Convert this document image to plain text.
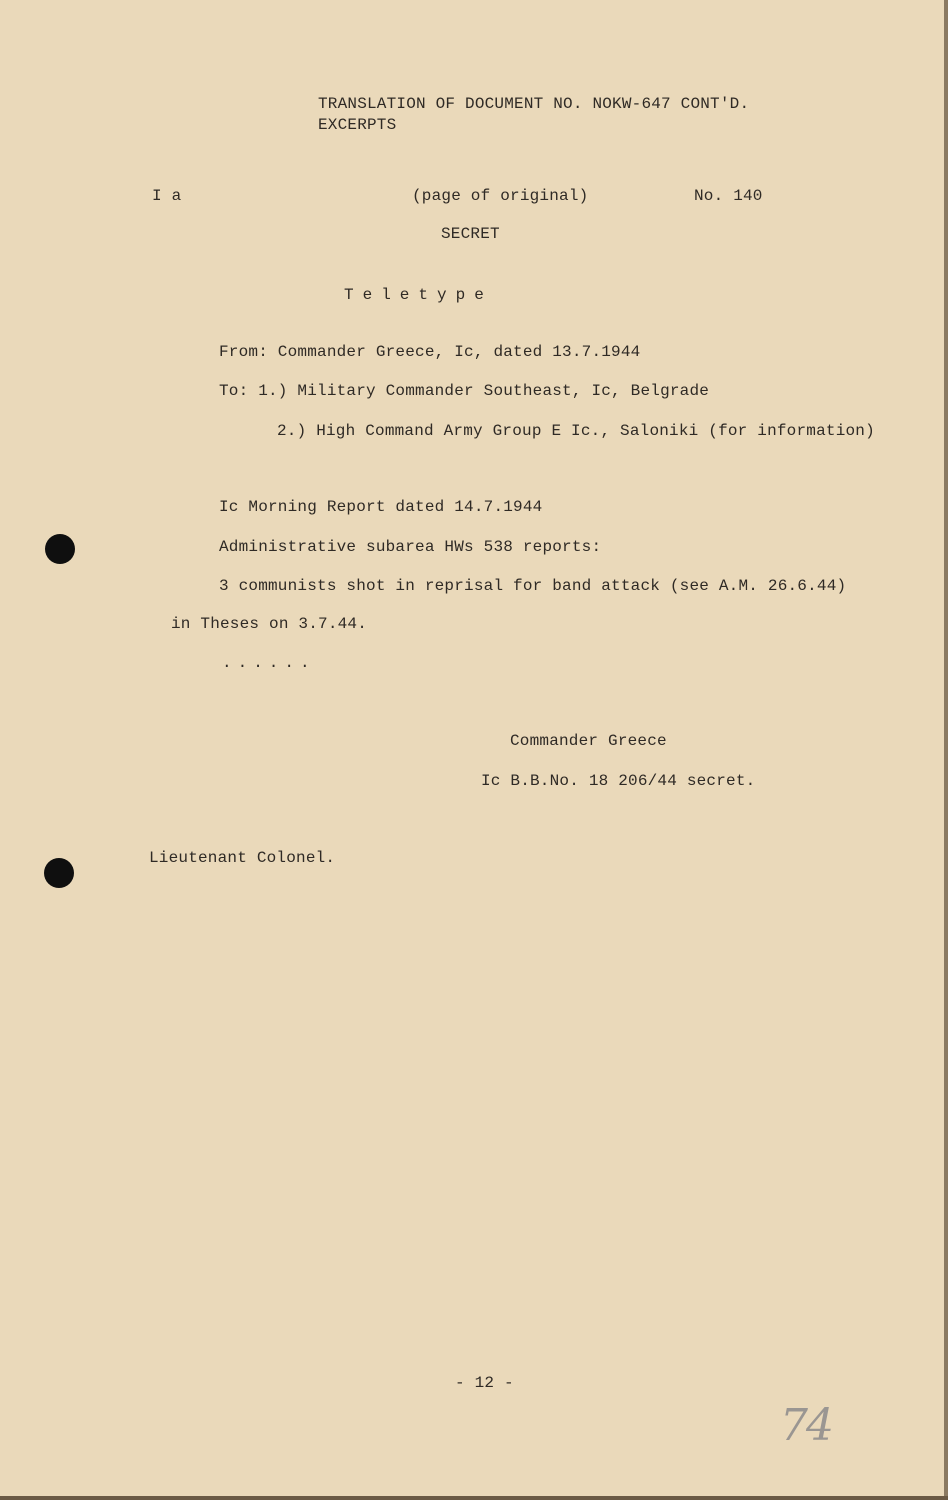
TRANSLATION OF DOCUMENT NO. NOKW-647 CONT'D.
EXCERPTS
I a	(page of original)	No. 140
SECRET
Teletype
From: Commander Greece, Ic, dated 13.7.1944
To: 1.) Military Commander Southeast, Ic, Belgrade
2.) High Command Army Group E Ic., Saloniki (for information)
Ic Morning Report dated 14.7.1944
Administrative subarea HWs 538 reports:
3 communists shot in reprisal for band attack (see A.M. 26.6.44)
in Theses on 3.7.44.
......
Commander Greece
Ic B.B.No. 18 206/44 secret.
Lieutenant Colonel.
- 12 -
74
